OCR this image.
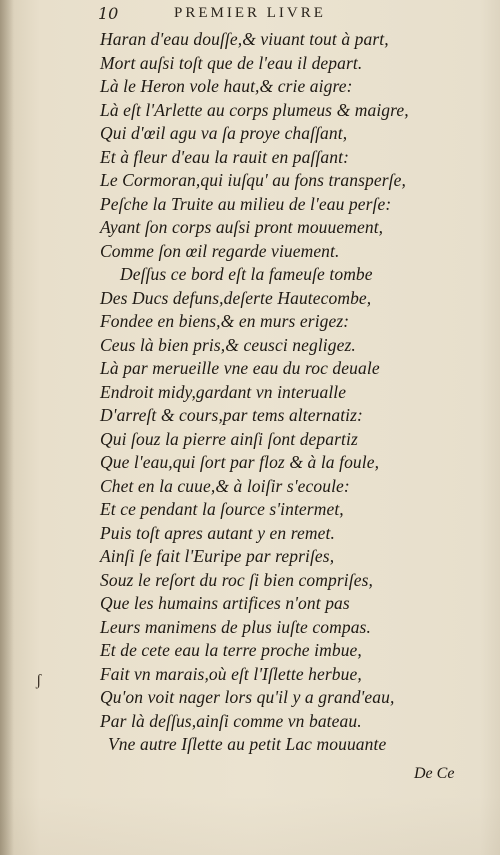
10	PREMIER LIVRE
Haran d'eau douſſe,& viuant tout à part,
Mort auſsi toſt que de l'eau il depart.
Là le Heron vole haut,& crie aigre:
Là eſt l'Arlette au corps plumeus & maigre,
Qui d'œil agu va ſa proye chaſſant,
Et à fleur d'eau la rauit en paſſant:
Le Cormoran,qui iuſqu' au fons transperſe,
Peſche la Truite au milieu de l'eau perſe:
Ayant ſon corps auſsi pront mouuement,
Comme ſon œil regarde viuement.
Deſſus ce bord eſt la fameuſe tombe
Des Ducs defuns,deſerte Hautecombe,
Fondee en biens,& en murs erigez:
Ceus là bien pris,& ceusci negligez.
Là par merueille vne eau du roc deuale
Endroit midy,gardant vn interualle
D'arreſt & cours,par tems alternatiz:
Qui ſouz la pierre ainſi ſont departiz
Que l'eau,qui ſort par floz & à la foule,
Chet en la cuue,& à loiſir s'ecoule:
Et ce pendant la ſource s'intermet,
Puis toſt apres autant y en remet.
Ainſi ſe fait l'Euripe par repriſes,
Souz le reſort du roc ſi bien compriſes,
Que les humains artifices n'ont pas
Leurs manimens de plus iuſte compas.
Et de cete eau la terre proche imbue,
Fait vn marais,où eſt l'Iſlette herbue,
Qu'on voit nager lors qu'il y a grand'eau,
Par là deſſus,ainſi comme vn bateau.
Vne autre Iſlette au petit Lac mouuante
ʃ
De Ce
